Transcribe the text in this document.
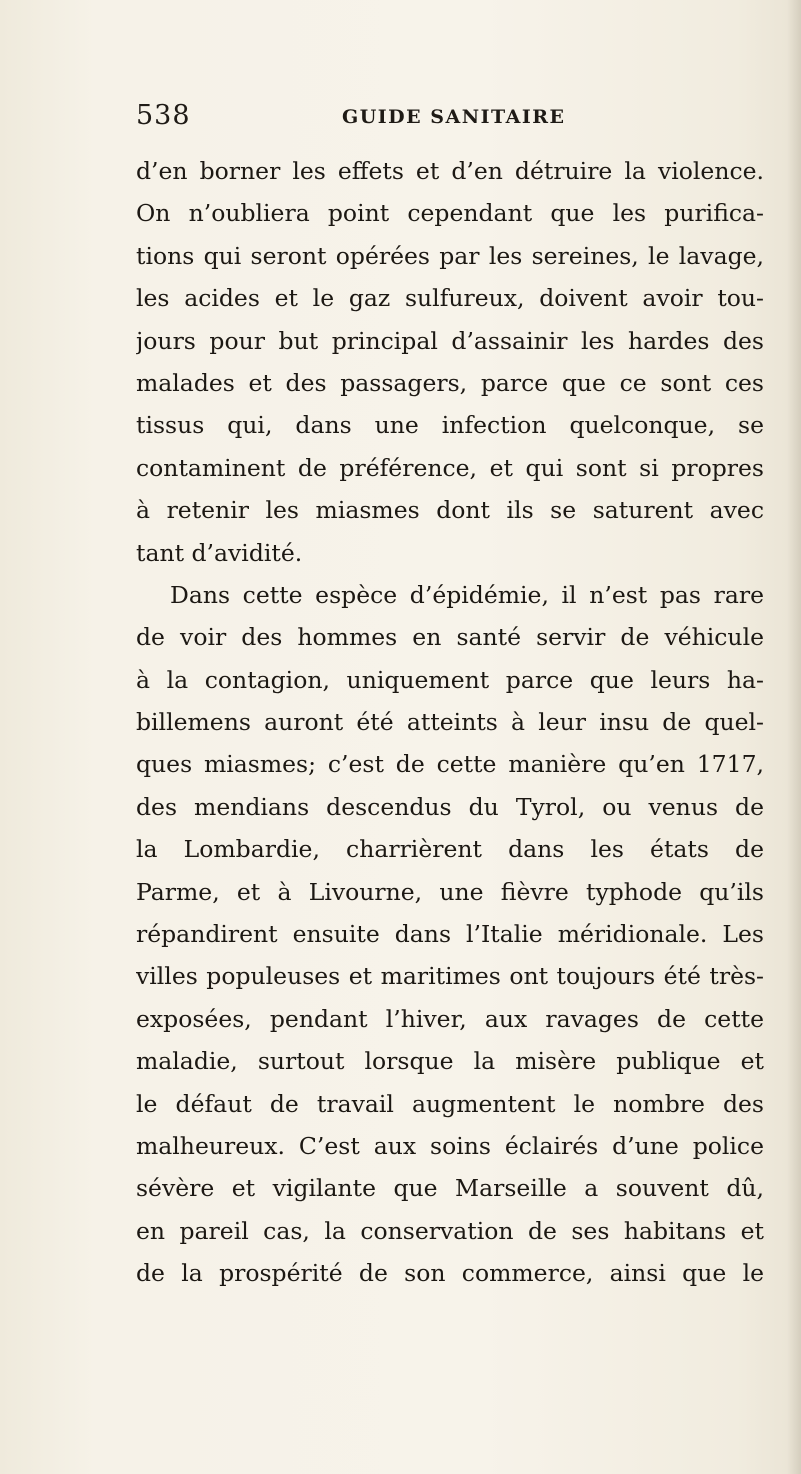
538	GUIDE SANITAIRE
d’en borner les effets et d’en détruire la violence.
On n’oubliera point cependant que les purifica-
tions qui seront opérées par les sereines, le lavage,
les acides et le gaz sulfureux, doivent avoir tou-
jours pour but principal d’assainir les hardes des
malades et des passagers, parce que ce sont ces
tissus qui, dans une infection quelconque, se
contaminent de préférence, et qui sont si propres
à retenir les miasmes dont ils se saturent avec
tant d’avidité.
Dans cette espèce d’épidémie, il n’est pas rare
de voir des hommes en santé servir de véhicule
à la contagion, uniquement parce que leurs ha-
billemens auront été atteints à leur insu de quel-
ques miasmes; c’est de cette manière qu’en 1717,
des mendians descendus du Tyrol, ou venus de
la Lombardie, charrièrent dans les états de
Parme, et à Livourne, une fièvre typhode qu’ils
répandirent ensuite dans l’Italie méridionale. Les
villes populeuses et maritimes ont toujours été très-
exposées, pendant l’hiver, aux ravages de cette
maladie, surtout lorsque la misère publique et
le défaut de travail augmentent le nombre des
malheureux. C’est aux soins éclairés d’une police
sévère et vigilante que Marseille a souvent dû,
en pareil cas, la conservation de ses habitans et
de la prospérité de son commerce, ainsi que le
